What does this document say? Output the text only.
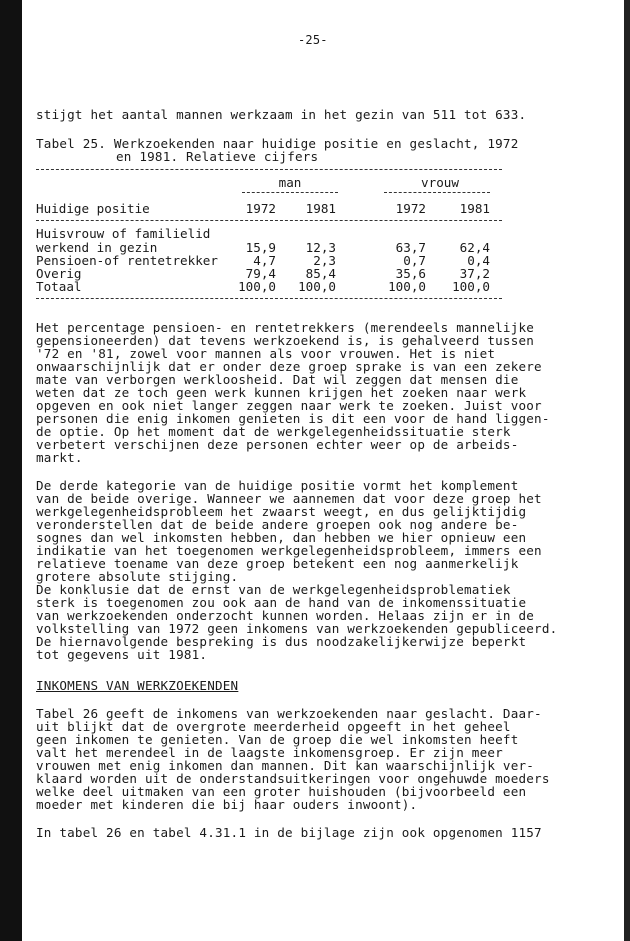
-25-
stijgt het aantal mannen werkzaam in het gezin van 511 tot 633.
Tabel 25. Werkzoekenden naar huidige positie en geslacht, 1972
en 1981. Relatieve cijfers
man	vrouw
Huidige positie	1972	1981	1972	1981
Huisvrouw of familielid
werkend in gezin	15,9	12,3	63,7	62,4
Pensioen-of rentetrekker	4,7	2,3	0,7	0,4
Overig	79,4	85,4	35,6	37,2
Totaal	100,0	100,0	100,0	100,0
Het percentage pensioen- en rentetrekkers (merendeels mannelijke
gepensioneerden) dat tevens werkzoekend is, is gehalveerd tussen
'72 en '81, zowel voor mannen als voor vrouwen. Het is niet
onwaarschijnlijk dat er onder deze groep sprake is van een zekere
mate van verborgen werkloosheid. Dat wil zeggen dat mensen die
weten dat ze toch geen werk kunnen krijgen het zoeken naar werk
opgeven en ook niet langer zeggen naar werk te zoeken. Juist voor
personen die enig inkomen genieten is dit een voor de hand liggen-
de optie. Op het moment dat de werkgelegenheidssituatie sterk
verbetert verschijnen deze personen echter weer op de arbeids-
markt.
De derde kategorie van de huidige positie vormt het komplement
van de beide overige. Wanneer we aannemen dat voor deze groep het
werkgelegenheidsprobleem het zwaarst weegt, en dus gelijktijdig
veronderstellen dat de beide andere groepen ook nog andere be-
sognes dan wel inkomsten hebben, dan hebben we hier opnieuw een
indikatie van het toegenomen werkgelegenheidsprobleem, immers een
relatieve toename van deze groep betekent een nog aanmerkelijk
grotere absolute stijging.
De konklusie dat de ernst van de werkgelegenheidsproblematiek
sterk is toegenomen zou ook aan de hand van de inkomenssituatie
van werkzoekenden onderzocht kunnen worden. Helaas zijn er in de
volkstelling van 1972 geen inkomens van werkzoekenden gepubliceerd.
De hiernavolgende bespreking is dus noodzakelijkerwijze beperkt
tot gegevens uit 1981.
INKOMENS VAN WERKZOEKENDEN
Tabel 26 geeft de inkomens van werkzoekenden naar geslacht. Daar-
uit blijkt dat de overgrote meerderheid opgeeft in het geheel
geen inkomen te genieten. Van de groep die wel inkomsten heeft
valt het merendeel in de laagste inkomensgroep. Er zijn meer
vrouwen met enig inkomen dan mannen. Dit kan waarschijnlijk ver-
klaard worden uit de onderstandsuitkeringen voor ongehuwde moeders
welke deel uitmaken van een groter huishouden (bijvoorbeeld een
moeder met kinderen die bij haar ouders inwoont).
In tabel 26 en tabel 4.31.1 in de bijlage zijn ook opgenomen 1157
